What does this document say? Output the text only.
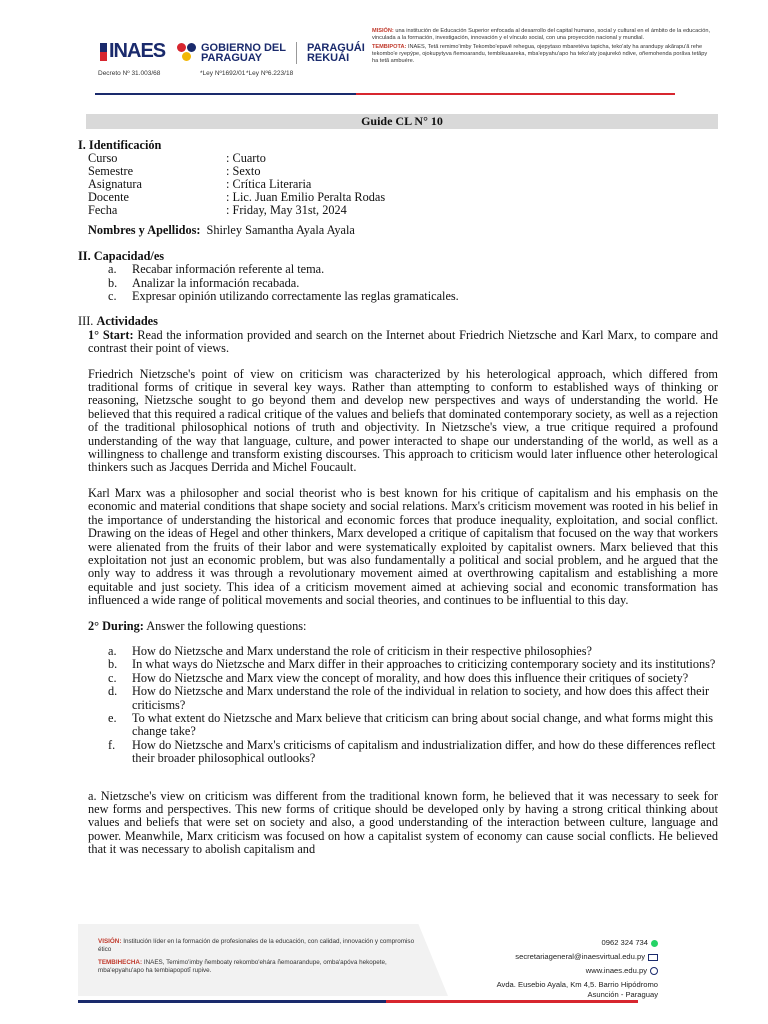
INAES	GOBIERNO DEL
PARAGUAY
PARAGUÁI
REKUÁI
Decreto Nº 31.003/68	*Ley Nº1692/01 *Ley Nº6.223/18
MISIÓN: una institución de Educación Superior enfocada al desarrollo del capital humano, social y cultural en el ámbito de la educación, vinculada a la formación, investigación, innovación y el vínculo social, con una proyección nacional y mundial.
TEMBIPOTA: INAES, Tetã remimo'imby Tekombo'epavẽ rehegua, ojepytaso mbaretéva tapicha, teko'aty ha arandupy akãrapu'ã rehe tekombo'e ryepýpe, ojokupytyva ñemoarandu, tembikuaareka, mba'epyahu'apo ha teko'aty joajurekó ndive, oñemohenda porãva tetãpy ha tetã ambuére.
Guide CL N° 10
I. Identificación
Curso	: Cuarto
Semestre	: Sexto
Asignatura	: Crítica Literaria
Docente	: Lic. Juan Emilio Peralta Rodas
Fecha	: Friday, May 31st, 2024
Nombres y Apellidos: Shirley Samantha Ayala Ayala
II. Capacidad/es
a. Recabar información referente al tema.
b. Analizar la información recabada.
c. Expresar opinión utilizando correctamente las reglas gramaticales.
III. Actividades

1° Start: Read the information provided and search on the Internet about Friedrich Nietzsche and Karl Marx, to compare and contrast their point of views.

Friedrich Nietzsche's point of view on criticism was characterized by his heterological approach, which differed from traditional forms of critique in several key ways. Rather than attempting to conform to established ways of thinking or reasoning, Nietzsche sought to go beyond them and develop new perspectives and ways of understanding the world. He believed that this required a radical critique of the values and beliefs that dominated contemporary society, as well as a rejection of the traditional philosophical notions of truth and objectivity. In Nietzsche's view, a true critique required a profound understanding of the way that language, culture, and power interacted to shape our understanding of the world, as well as a willingness to challenge and transform existing discourses. This approach to criticism would later influence other heterological thinkers such as Jacques Derrida and Michel Foucault.

Karl Marx was a philosopher and social theorist who is best known for his critique of capitalism and his emphasis on the economic and material conditions that shape society and social relations. Marx's criticism movement was rooted in his belief in the importance of understanding the historical and economic forces that produce inequality, exploitation, and social conflict. Drawing on the ideas of Hegel and other thinkers, Marx developed a critique of capitalism that focused on the way that workers were alienated from the fruits of their labor and were systematically exploited by capitalist owners. Marx believed that this exploitation not just an economic problem, but was also fundamentally a political and social problem, and he argued that the only way to address it was through a revolutionary movement aimed at overthrowing capitalism and establishing a more equitable and just society. This idea of a criticism movement aimed at achieving social and economic transformation has influenced a wide range of political movements and social theories, and continues to be influential to this day.

2° During: Answer the following questions:

a. How do Nietzsche and Marx understand the role of criticism in their respective philosophies?
b. In what ways do Nietzsche and Marx differ in their approaches to criticizing contemporary society and its institutions?
c. How do Nietzsche and Marx view the concept of morality, and how does this influence their critiques of society?
d. How do Nietzsche and Marx understand the role of the individual in relation to society, and how does this affect their criticisms?
e. To what extent do Nietzsche and Marx believe that criticism can bring about social change, and what forms might this change take?
f. How do Nietzsche and Marx's criticisms of capitalism and industrialization differ, and how do these differences reflect their broader philosophical outlooks?

a. Nietzsche's view on criticism was different from the traditional known form, he believed that it was necessary to seek for new forms and perspectives. This new forms of critique should be developed only by having a strong critical thinking about values and beliefs that were set on society and also, a good understanding of the interaction between culture, language and power. Meanwhile, Marx criticism was focused on how a capitalist system of economy can cause social conflicts. He believed that it was necessary to abolish capitalism and

VISIÓN: Institución líder en la formación de profesionales de la educación, con calidad, innovación y compromiso ético
TEMBIHECHA: INAES, Temimo'imby ñemboaty rekombo'ehára ñemoarandupe, omba'apóva hekopete, mba'epyahu'apo ha tembiapopotĩ rupive.
0962 324 734
secretariageneral@inaesvirtual.edu.py
www.inaes.edu.py
Avda. Eusebio Ayala, Km 4,5. Barrio Hipódromo
Asunción - Paraguay
